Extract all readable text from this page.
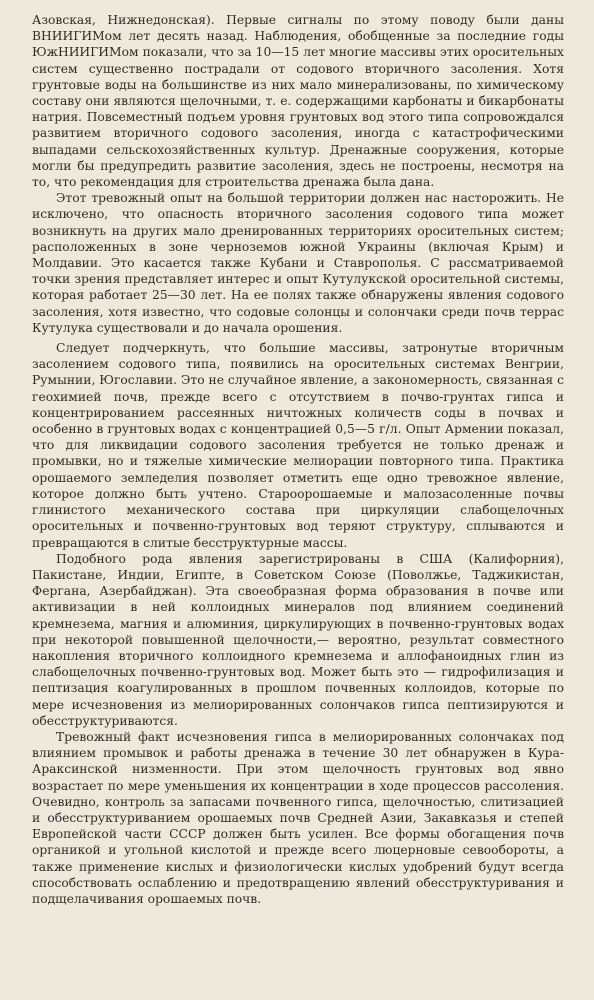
Азовская, Нижнедонская). Первые сигналы по этому поводу были даны ВНИИГИМом лет десять назад. Наблюдения, обобщенные за последние годы ЮжНИИГИМом показали, что за 10—15 лет многие массивы этих оросительных систем существенно пострадали от содового вторичного засоления. Хотя грунтовые воды на большинстве из них мало минерализованы, по химическому составу они являются щелочными, т. е. содержащими карбонаты и бикарбонаты натрия. Повсеместный подъем уровня грунтовых вод этого типа сопровождался развитием вторичного содового засоления, иногда с катастрофическими выпадами сельскохозяйственных культур. Дренажные сооружения, которые могли бы предупредить развитие засоления, здесь не построены, несмотря на то, что рекомендация для строительства дренажа была дана.

Этот тревожный опыт на большой территории должен нас насторожить. Не исключено, что опасность вторичного засоления содового типа может возникнуть на других мало дренированных территориях оросительных систем; расположенных в зоне черноземов южной Украины (включая Крым) и Молдавии. Это касается также Кубани и Ставрополья. С рассматриваемой точки зрения представляет интерес и опыт Кутулукской оросительной системы, которая работает 25—30 лет. На ее полях также обнаружены явления содового засоления, хотя известно, что содовые солонцы и солончаки среди почв террас Кутулука существовали и до начала орошения.

Следует подчеркнуть, что большие массивы, затронутые вторичным засолением содового типа, появились на оросительных системах Венгрии, Румынии, Югославии. Это не случайное явление, а закономерность, связанная с геохимией почв, прежде всего с отсутствием в почво-грунтах гипса и концентрированием рассеянных ничтожных количеств соды в почвах и особенно в грунтовых водах с концентрацией 0,5—5 г/л. Опыт Армении показал, что для ликвидации содового засоления требуется не только дренаж и промывки, но и тяжелые химические мелиорации повторного типа. Практика орошаемого земледелия позволяет отметить еще одно тревожное явление, которое должно быть учтено. Староорошаемые и малозасоленные почвы глинистого механического состава при циркуляции слабощелочных оросительных и почвенно-грунтовых вод теряют структуру, сплываются и превращаются в слитые бесструктурные массы.

Подобного рода явления зарегистрированы в США (Калифорния), Пакистане, Индии, Египте, в Советском Союзе (Поволжье, Таджикистан, Фергана, Азербайджан). Эта своеобразная форма образования в почве или активизации в ней коллоидных минералов под влиянием соединений кремнезема, магния и алюминия, циркулирующих в почвенно-грунтовых водах при некоторой повышенной щелочности,— вероятно, результат совместного накопления вторичного коллоидного кремнезема и аллофаноидных глин из слабощелочных почвенно-грунтовых вод. Может быть это — гидрофилизация и пептизация коагулированных в прошлом почвенных коллоидов, которые по мере исчезновения из мелиорированных солончаков гипса пептизируются и обесструктуриваются.

Тревожный факт исчезновения гипса в мелиорированных солончаках под влиянием промывок и работы дренажа в течение 30 лет обнаружен в Кура-Араксинской низменности. При этом щелочность грунтовых вод явно возрастает по мере уменьшения их концентрации в ходе процессов рассоления. Очевидно, контроль за запасами почвенного гипса, щелочностью, слитизацией и обесструктуриванием орошаемых почв Средней Азии, Закавказья и степей Европейской части СССР должен быть усилен. Все формы обогащения почв органикой и угольной кислотой и прежде всего люцерновые севообороты, а также применение кислых и физиологически кислых удобрений будут всегда способствовать ослаблению и предотвращению явлений обесструктуривания и подщелачивания орошаемых почв.
